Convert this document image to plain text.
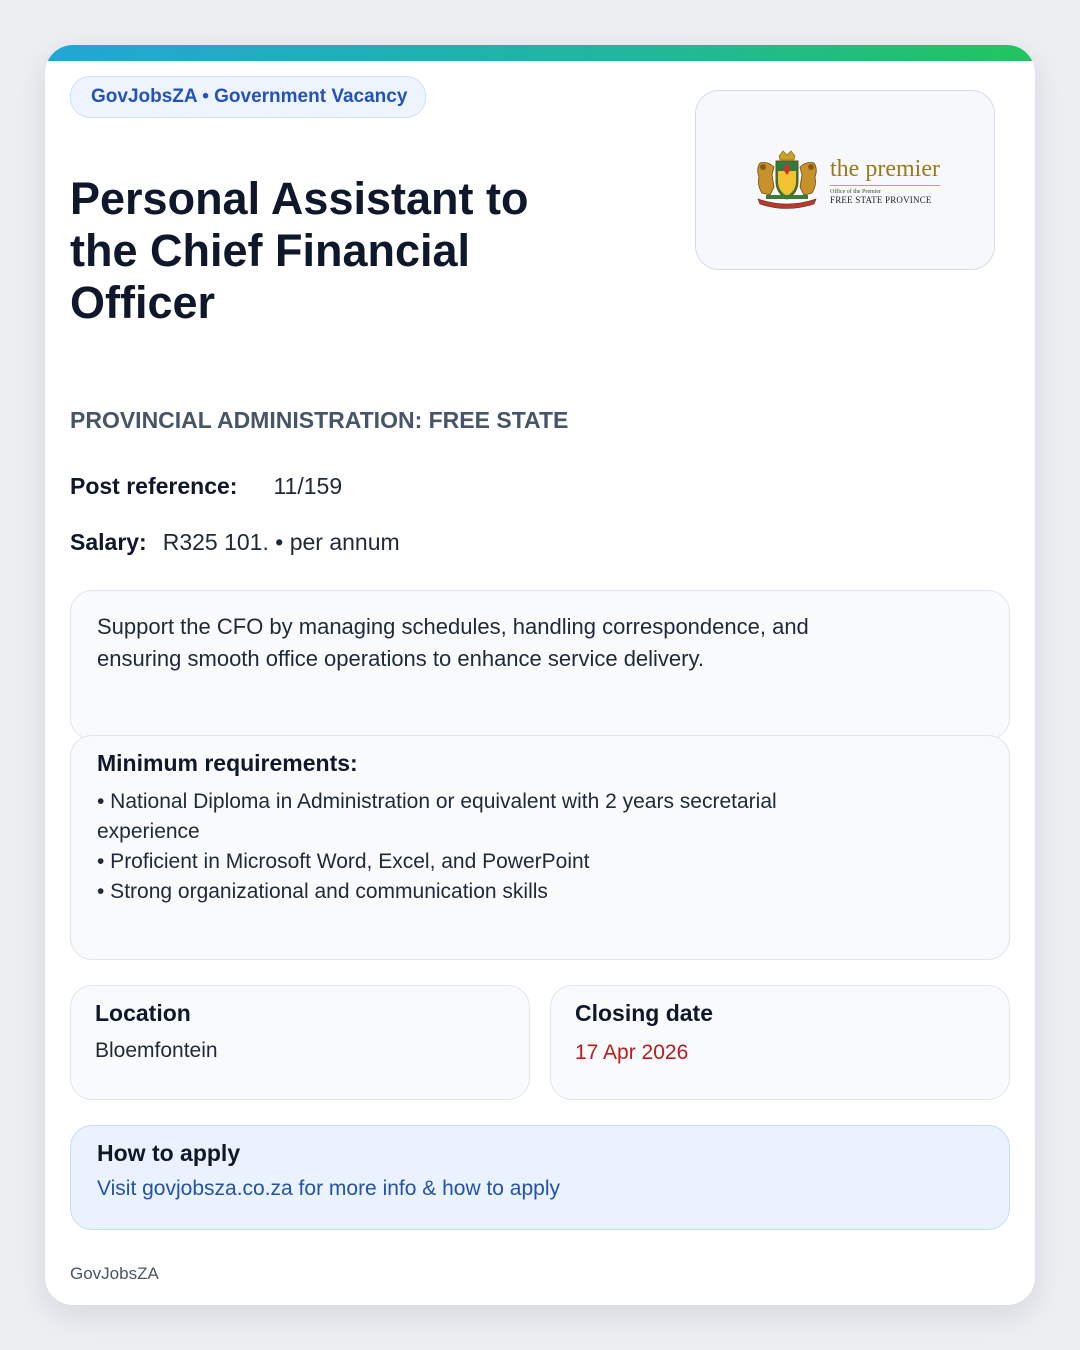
GovJobsZA • Government Vacancy
Personal Assistant to the Chief Financial Officer
the premier
Office of the Premier
FREE STATE PROVINCE
PROVINCIAL ADMINISTRATION: FREE STATE
Post reference: 11/159
Salary: R325 101. • per annum

Support the CFO by managing schedules, handling correspondence, and ensuring smooth office operations to enhance service delivery.

Minimum requirements:
• National Diploma in Administration or equivalent with 2 years secretarial experience
• Proficient in Microsoft Word, Excel, and PowerPoint
• Strong organizational and communication skills
Location
Bloemfontein
Closing date
17 Apr 2026
How to apply
Visit govjobsza.co.za for more info & how to apply
GovJobsZA
